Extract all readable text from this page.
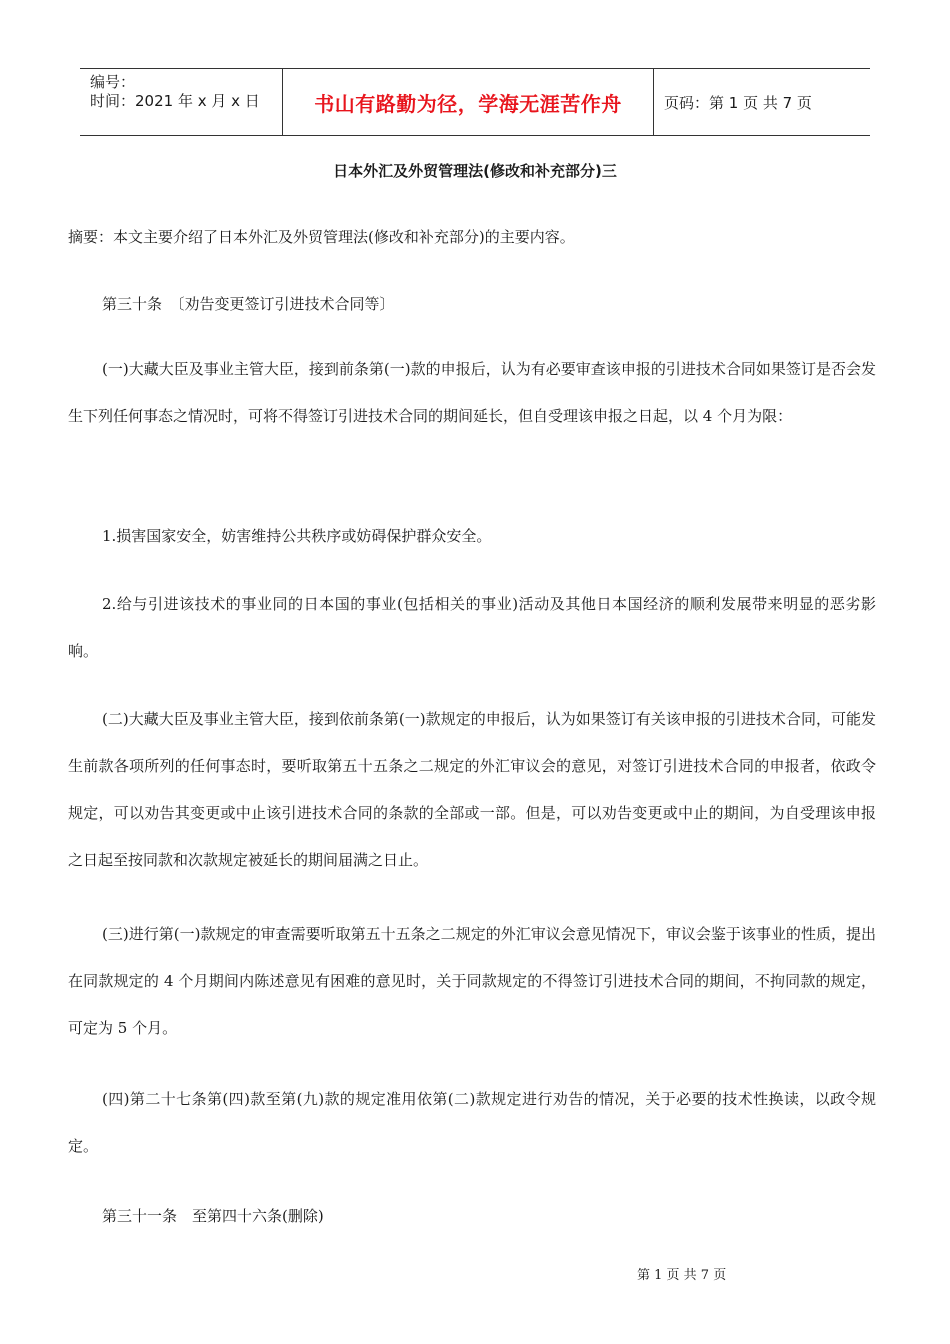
编号：
时间：2021 年 x 月 x 日	书山有路勤为径，学海无涯苦作舟	页码：第 1 页 共 7 页
日本外汇及外贸管理法(修改和补充部分)三

摘要：本文主要介绍了日本外汇及外贸管理法(修改和补充部分)的主要内容。

第三十条　〔劝告变更签订引进技术合同等〕

(一)大藏大臣及事业主管大臣，接到前条第(一)款的申报后，认为有必要审查该申报的引进技术合同如果签订是否会发生下列任何事态之情况时，可将不得签订引进技术合同的期间延长，但自受理该申报之日起，以 4 个月为限：

1.损害国家安全，妨害维持公共秩序或妨碍保护群众安全。

2.给与引进该技术的事业同的日本国的事业(包括相关的事业)活动及其他日本国经济的顺利发展带来明显的恶劣影响。

(二)大藏大臣及事业主管大臣，接到依前条第(一)款规定的申报后，认为如果签订有关该申报的引进技术合同，可能发生前款各项所列的任何事态时，要听取第五十五条之二规定的外汇审议会的意见，对签订引进技术合同的申报者，依政令规定，可以劝告其变更或中止该引进技术合同的条款的全部或一部。但是，可以劝告变更或中止的期间，为自受理该申报之日起至按同款和次款规定被延长的期间届满之日止。

(三)进行第(一)款规定的审查需要听取第五十五条之二规定的外汇审议会意见情况下，审议会鉴于该事业的性质，提出在同款规定的 4 个月期间内陈述意见有困难的意见时，关于同款规定的不得签订引进技术合同的期间，不拘同款的规定，可定为 5 个月。

(四)第二十七条第(四)款至第(九)款的规定准用依第(二)款规定进行劝告的情况，关于必要的技术性换读，以政令规定。

第三十一条　至第四十六条(删除)

第 1 页 共 7 页
